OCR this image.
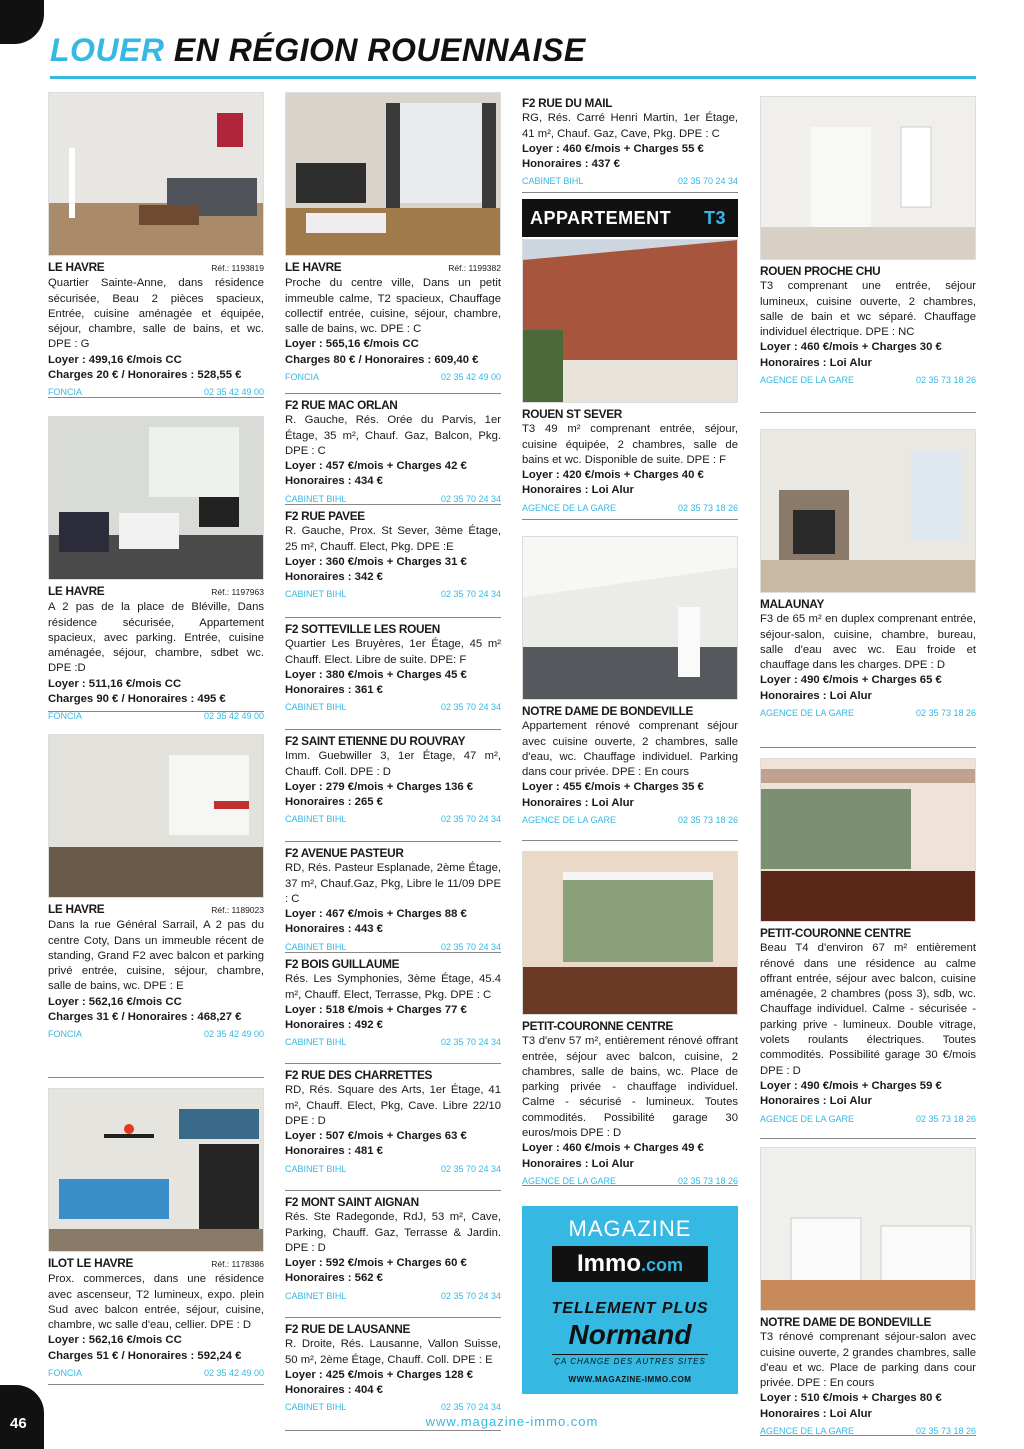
46
LOUER EN RÉGION ROUENNAISE
LE HAVRE	Réf.: 1193819
Quartier Sainte-Anne, dans résidence sécurisée, Beau 2 pièces spacieux, Entrée, cuisine aménagée et équipée, séjour, chambre, salle de bains, et wc. DPE : G
Loyer : 499,16 €/mois CC
Charges 20 € / Honoraires : 528,55 €
FONCIA	02 35 42 49 00
LE HAVRE	Réf.: 1197963
A 2 pas de la place de Bléville, Dans résidence sécurisée, Appartement spacieux, avec parking. Entrée, cuisine aménagée, séjour, chambre, sdbet wc. DPE :D
Loyer : 511,16 €/mois CC
Charges 90 € / Honoraires : 495 €
FONCIA	02 35 42 49 00
LE HAVRE	Réf.: 1189023
Dans la rue Général Sarrail, A 2 pas du centre Coty, Dans un immeuble récent de standing, Grand F2 avec balcon et parking privé entrée, cuisine, séjour, chambre, salle de bains, wc. DPE : E
Loyer : 562,16 €/mois CC
Charges 31 € / Honoraires : 468,27 €
FONCIA	02 35 42 49 00
ILOT LE HAVRE	Réf.: 1178386
Prox. commerces, dans une résidence avec ascenseur, T2 lumineux, expo. plein Sud avec balcon entrée, séjour, cuisine, chambre, wc salle d'eau, cellier. DPE : D
Loyer : 562,16 €/mois CC
Charges 51 € / Honoraires : 592,24 €
FONCIA	02 35 42 49 00
LE HAVRE	Réf.: 1199382
Proche du centre ville, Dans un petit immeuble calme, T2 spacieux, Chauffage collectif entrée, cuisine, séjour, chambre, salle de bains, wc. DPE : C
Loyer : 565,16 €/mois CC
Charges 80 € / Honoraires : 609,40 €
FONCIA	02 35 42 49 00
F2 RUE MAC ORLAN
R. Gauche, Rés. Orée du Parvis, 1er Étage, 35 m², Chauf. Gaz, Balcon, Pkg. DPE : C
Loyer : 457 €/mois + Charges 42 €
Honoraires : 434 €
CABINET BIHL	02 35 70 24 34
F2 RUE PAVEE
R. Gauche, Prox. St Sever, 3ème Étage, 25 m², Chauff. Elect, Pkg. DPE :E
Loyer : 360 €/mois + Charges 31 €
Honoraires : 342 €
CABINET BIHL	02 35 70 24 34
F2 SOTTEVILLE LES ROUEN
Quartier Les Bruyères, 1er Étage, 45 m² Chauff. Elect. Libre de suite. DPE: F
Loyer : 380 €/mois + Charges 45 €
Honoraires : 361 €
CABINET BIHL	02 35 70 24 34
F2 SAINT ETIENNE DU ROUVRAY
Imm. Guebwiller 3, 1er Étage, 47 m², Chauff. Coll. DPE : D
Loyer : 279 €/mois + Charges 136 €
Honoraires : 265 €
CABINET BIHL	02 35 70 24 34
F2 AVENUE PASTEUR
RD, Rés. Pasteur Esplanade, 2ème Étage, 37 m², Chauf.Gaz, Pkg, Libre le 11/09 DPE : C
Loyer : 467 €/mois + Charges 88 €
Honoraires : 443 €
CABINET BIHL	02 35 70 24 34
F2 BOIS GUILLAUME
Rés. Les Symphonies, 3ème Étage, 45.4 m², Chauff. Elect, Terrasse, Pkg. DPE : C
Loyer : 518 €/mois + Charges 77 €
Honoraires : 492 €
CABINET BIHL	02 35 70 24 34
F2 RUE DES CHARRETTES
RD, Rés. Square des Arts, 1er Étage, 41 m², Chauff. Elect, Pkg, Cave. Libre 22/10 DPE : D
Loyer : 507 €/mois + Charges 63 €
Honoraires : 481 €
CABINET BIHL	02 35 70 24 34
F2 MONT SAINT AIGNAN
Rés. Ste Radegonde, RdJ, 53 m², Cave, Parking, Chauff. Gaz, Terrasse & Jardin. DPE : D
Loyer : 592 €/mois + Charges 60 €
Honoraires : 562 €
CABINET BIHL	02 35 70 24 34
F2 RUE DE LAUSANNE
R. Droite, Rés. Lausanne, Vallon Suisse, 50 m², 2ème Étage, Chauff. Coll. DPE : E
Loyer : 425 €/mois + Charges 128 €
Honoraires : 404 €
CABINET BIHL	02 35 70 24 34
F2 RUE DU MAIL
RG, Rés. Carré Henri Martin, 1er Étage, 41 m², Chauf. Gaz, Cave, Pkg. DPE : C
Loyer : 460 €/mois + Charges 55 €
Honoraires : 437 €
CABINET BIHL	02 35 70 24 34
APPARTEMENT T3
ROUEN ST SEVER
T3 49 m² comprenant entrée, séjour, cuisine équipée, 2 chambres, salle de bains et wc. Disponible de suite. DPE : F
Loyer : 420 €/mois + Charges 40 €
Honoraires : Loi Alur
AGENCE DE LA GARE	02 35 73 18 26
NOTRE DAME DE BONDEVILLE
Appartement rénové comprenant séjour avec cuisine ouverte, 2 chambres, salle d'eau, wc. Chauffage individuel. Parking dans cour privée. DPE : En cours
Loyer : 455 €/mois + Charges 35 €
Honoraires : Loi Alur
AGENCE DE LA GARE	02 35 73 18 26
PETIT-COURONNE CENTRE
T3 d'env 57 m², entièrement rénové offrant entrée, séjour avec balcon, cuisine, 2 chambres, salle de bains, wc. Place de parking privée - chauffage individuel. Calme - sécurisé - lumineux. Toutes commodités. Possibilité garage 30 euros/mois DPE : D
Loyer : 460 €/mois + Charges 49 €
Honoraires : Loi Alur
AGENCE DE LA GARE	02 35 73 18 26
MAGAZINE
Immo.com
TELLEMENT PLUS
Normand
ÇA CHANGE DES AUTRES SITES
WWW.MAGAZINE-IMMO.COM
ROUEN PROCHE CHU
T3 comprenant une entrée, séjour lumineux, cuisine ouverte, 2 chambres, salle de bain et wc séparé. Chauffage individuel électrique. DPE : NC
Loyer : 460 €/mois + Charges 30 €
Honoraires : Loi Alur
AGENCE DE LA GARE	02 35 73 18 26
MALAUNAY
F3 de 65 m² en duplex comprenant entrée, séjour-salon, cuisine, chambre, bureau, salle d'eau avec wc. Eau froide et chauffage dans les charges. DPE : D
Loyer : 490 €/mois + Charges 65 €
Honoraires : Loi Alur
AGENCE DE LA GARE	02 35 73 18 26
PETIT-COURONNE CENTRE
Beau T4 d'environ 67 m² entièrement rénové dans une résidence au calme offrant entrée, séjour avec balcon, cuisine aménagée, 2 chambres (poss 3), sdb, wc. Chauffage individuel. Calme - sécurisée - parking prive - lumineux. Double vitrage, volets roulants électriques. Toutes commodités. Possibilité garage 30 €/mois DPE : D
Loyer : 490 €/mois + Charges 59 €
Honoraires : Loi Alur
AGENCE DE LA GARE	02 35 73 18 26
NOTRE DAME DE BONDEVILLE
T3 rénové comprenant séjour-salon avec cuisine ouverte, 2 grandes chambres, salle d'eau et wc. Place de parking dans cour privée. DPE : En cours
Loyer : 510 €/mois + Charges 80 €
Honoraires : Loi Alur
AGENCE DE LA GARE	02 35 73 18 26
www.magazine-immo.com
